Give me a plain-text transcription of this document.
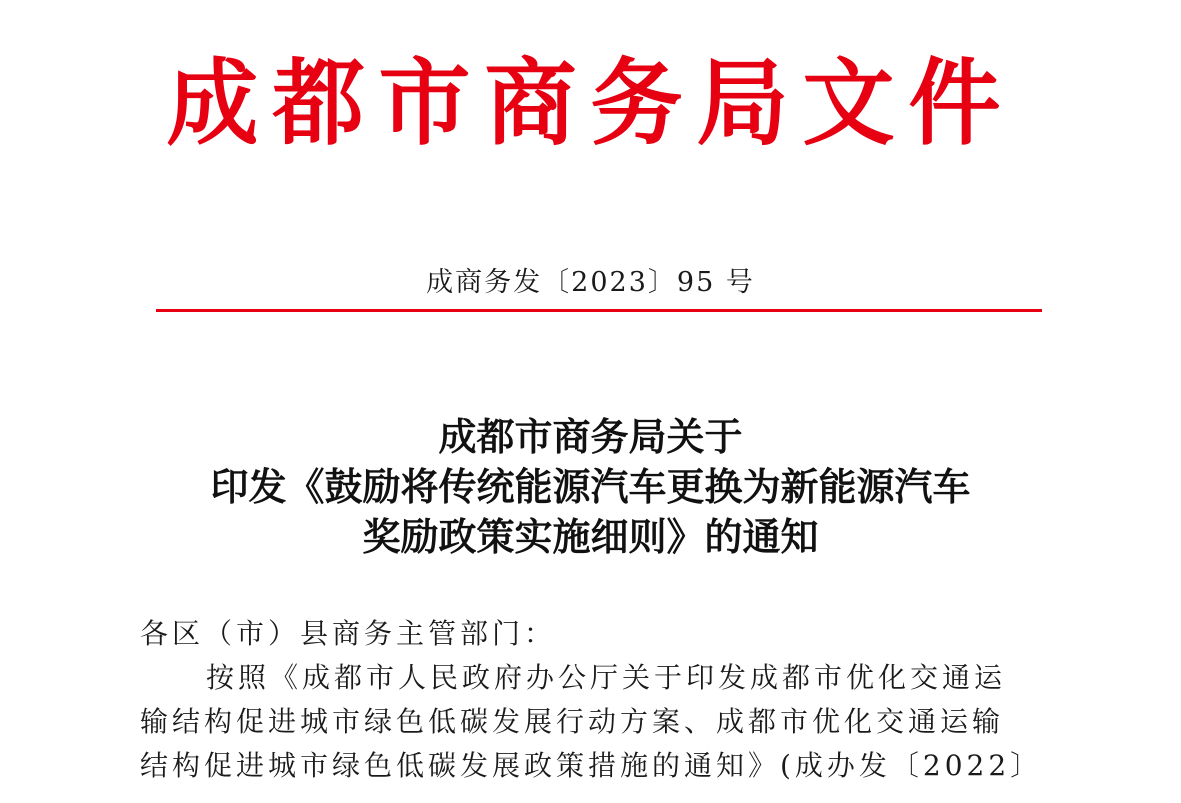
成都市商务局文件
成商务发〔2023〕95 号
成都市商务局关于
印发《鼓励将传统能源汽车更换为新能源汽车
奖励政策实施细则》的通知
各区（市）县商务主管部门：
按照《成都市人民政府办公厅关于印发成都市优化交通运
输结构促进城市绿色低碳发展行动方案、成都市优化交通运输
结构促进城市绿色低碳发展政策措施的通知》(成办发〔2022〕
